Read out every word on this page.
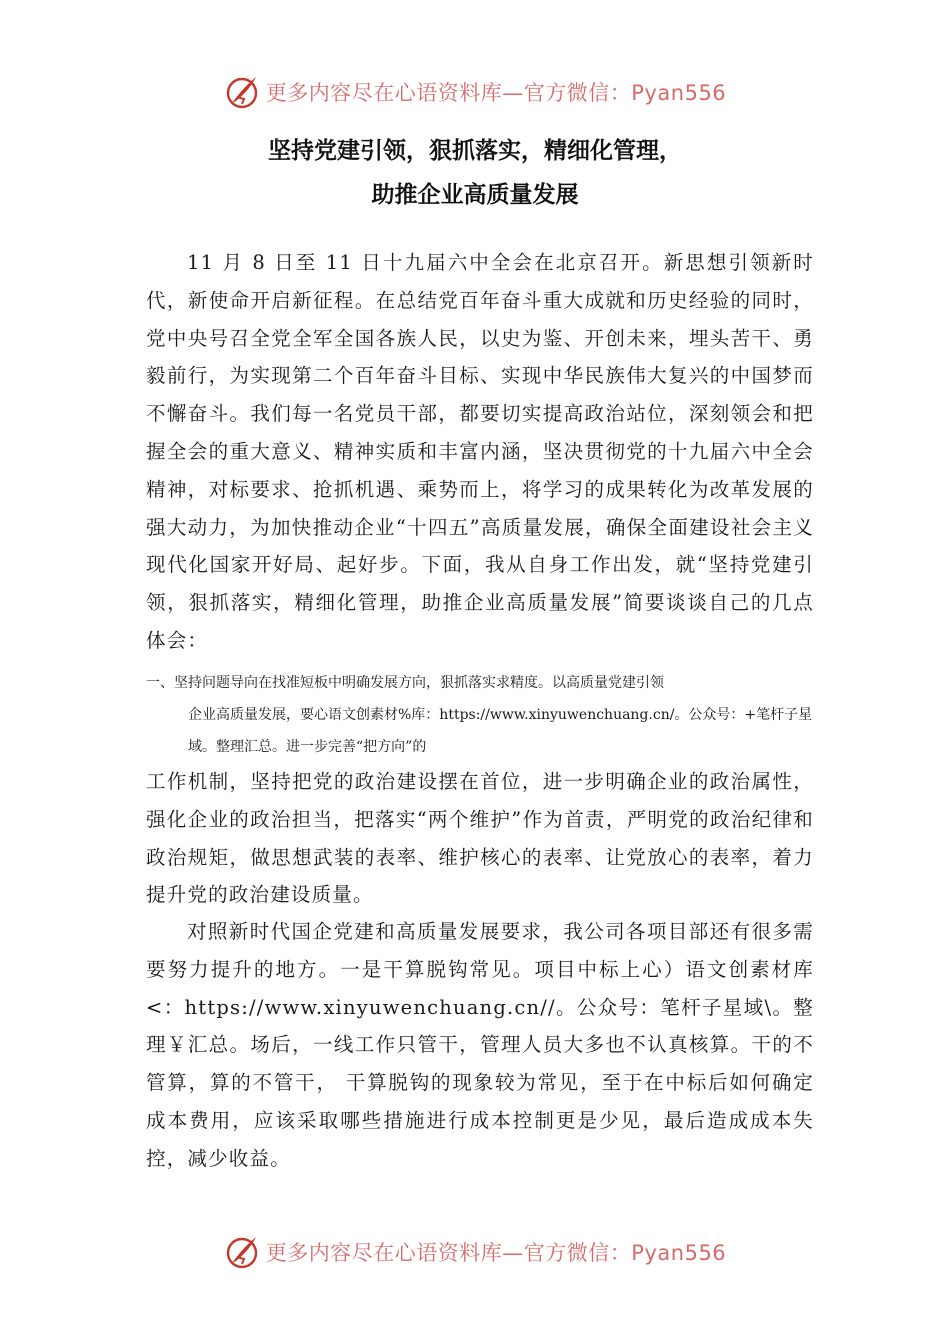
更多内容尽在心语资料库—官方微信：Pyan556
坚持党建引领，狠抓落实，精细化管理，
助推企业高质量发展

11 月 8 日至 11 日十九届六中全会在北京召开。新思想引领新时代，新使命开启新征程。在总结党百年奋斗重大成就和历史经验的同时，党中央号召全党全军全国各族人民，以史为鉴、开创未来，埋头苦干、勇毅前行，为实现第二个百年奋斗目标、实现中华民族伟大复兴的中国梦而不懈奋斗。我们每一名党员干部，都要切实提高政治站位，深刻领会和把握全会的重大意义、精神实质和丰富内涵，坚决贯彻党的十九届六中全会精神，对标要求、抢抓机遇、乘势而上，将学习的成果转化为改革发展的强大动力，为加快推动企业“十四五”高质量发展，确保全面建设社会主义现代化国家开好局、起好步。下面，我从自身工作出发，就“坚持党建引领，狠抓落实，精细化管理，助推企业高质量发展”简要谈谈自己的几点体会：

一、坚持问题导向在找准短板中明确发展方向，狠抓落实求精度。以高质量党建引领
企业高质量发展，要心语文创素材%库：https://www.xinyuwenchuang.cn/。公众号：+笔杆子星域。整理汇总。进一步完善“把方向”的

工作机制，坚持把党的政治建设摆在首位，进一步明确企业的政治属性，强化企业的政治担当，把落实“两个维护”作为首责，严明党的政治纪律和政治规矩，做思想武装的表率、维护核心的表率、让党放心的表率，着力提升党的政治建设质量。

对照新时代国企党建和高质量发展要求，我公司各项目部还有很多需要努力提升的地方。一是干算脱钩常见。项目中标上心）语文创素材库<：https://www.xinyuwenchuang.cn//。公众号：笔杆子星域\。整理￥汇总。场后，一线工作只管干，管理人员大多也不认真核算。干的不管算，算的不管干， 干算脱钩的现象较为常见，至于在中标后如何确定成本费用，应该采取哪些措施进行成本控制更是少见，最后造成成本失控，减少收益。

更多内容尽在心语资料库—官方微信：Pyan556
